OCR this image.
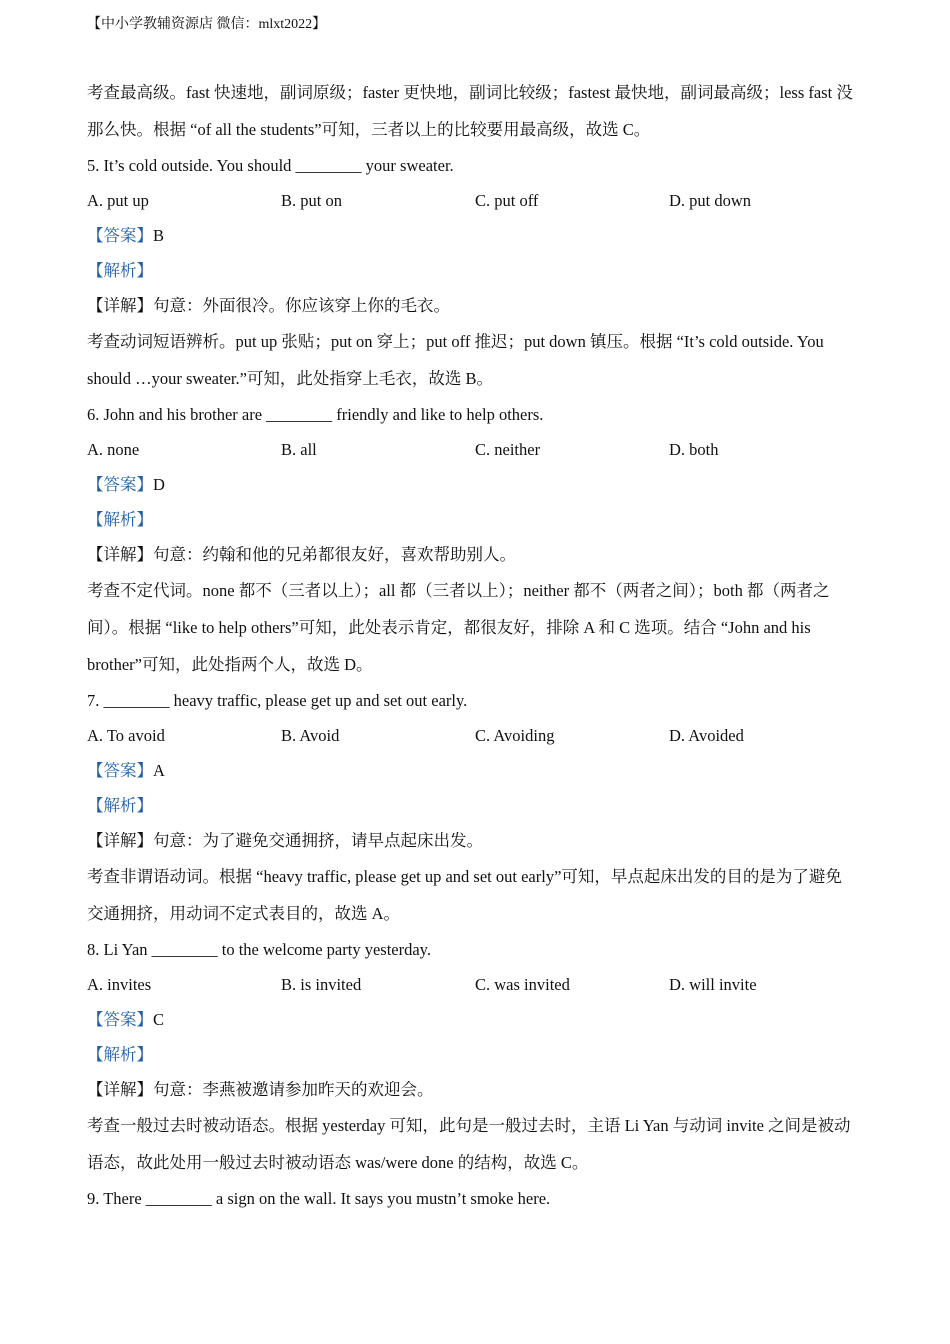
【中小学教辅资源店 微信：mlxt2022】
考查最高级。fast 快速地，副词原级；faster 更快地，副词比较级；fastest 最快地，副词最高级；less fast 没
那么快。根据 “of all the students”可知，三者以上的比较要用最高级，故选 C。
5. It’s cold outside. You should ________ your sweater.
A. put up	B. put on	C. put off	D. put down
【答案】B
【解析】
【详解】句意：外面很冷。你应该穿上你的毛衣。
考查动词短语辨析。put up 张贴；put on 穿上；put off 推迟；put down 镇压。根据 “It’s cold outside. You
should …your sweater.”可知，此处指穿上毛衣，故选 B。
6. John and his brother are ________ friendly and like to help others.
A. none	B. all	C. neither	D. both
【答案】D
【解析】
【详解】句意：约翰和他的兄弟都很友好，喜欢帮助别人。
考查不定代词。none 都不（三者以上）；all 都（三者以上）；neither 都不（两者之间）；both 都（两者之
间）。根据 “like to help others”可知，此处表示肯定，都很友好，排除 A 和 C 选项。结合 “John and his
brother”可知，此处指两个人，故选 D。
7. ________ heavy traffic, please get up and set out early.
A. To avoid	B. Avoid	C. Avoiding	D. Avoided
【答案】A
【解析】
【详解】句意：为了避免交通拥挤，请早点起床出发。
考查非谓语动词。根据 “heavy traffic, please get up and set out early”可知，早点起床出发的目的是为了避免
交通拥挤，用动词不定式表目的，故选 A。
8. Li Yan ________ to the welcome party yesterday.
A. invites	B. is invited	C. was invited	D. will invite
【答案】C
【解析】
【详解】句意：李燕被邀请参加昨天的欢迎会。
考查一般过去时被动语态。根据 yesterday 可知，此句是一般过去时，主语 Li Yan 与动词 invite 之间是被动
语态，故此处用一般过去时被动语态 was/were done 的结构，故选 C。
9. There ________ a sign on the wall. It says you mustn’t smoke here.
